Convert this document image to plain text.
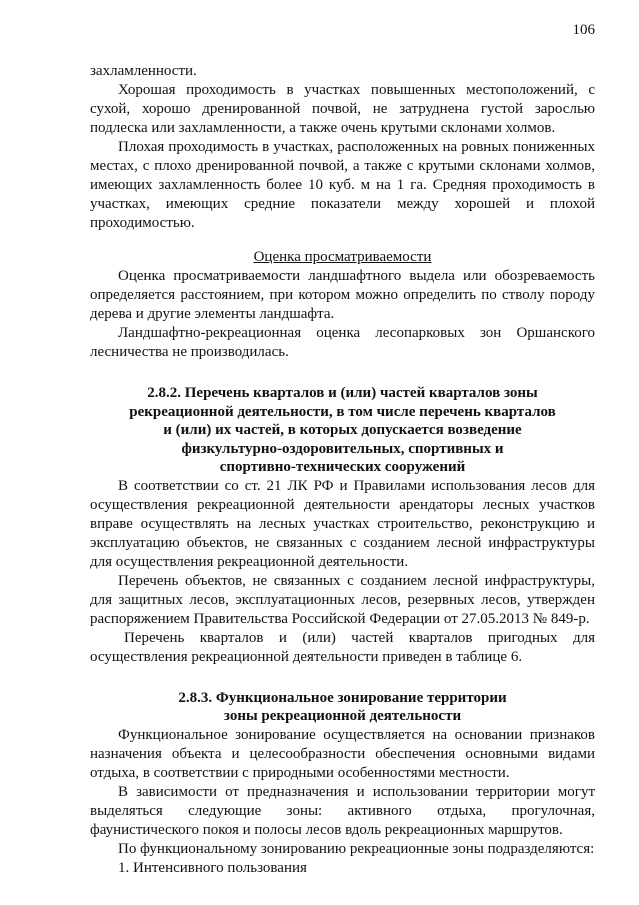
106

захламленности.

Хорошая проходимость в участках повышенных местоположений, с сухой, хорошо дренированной почвой, не затруднена густой зарослью подлеска или захламленности, а также очень крутыми склонами холмов.

Плохая проходимость в участках, расположенных на ровных пониженных местах, с плохо дренированной почвой, а также с крутыми склонами холмов, имеющих захламленность более 10 куб. м на 1 га. Средняя проходимость в участках, имеющих средние показатели между хорошей и плохой проходимостью.

Оценка просматриваемости

Оценка просматриваемости ландшафтного выдела или обозреваемость определяется расстоянием, при котором можно определить по стволу породу дерева и другие элементы ландшафта.

Ландшафтно-рекреационная оценка лесопарковых зон Оршанского лесничества не производилась.

2.8.2. Перечень кварталов и (или) частей кварталов зоны
рекреационной деятельности, в том числе перечень кварталов
и (или) их частей, в которых допускается возведение
физкультурно-оздоровительных, спортивных и
спортивно-технических сооружений

В соответствии со ст. 21 ЛК РФ и Правилами использования лесов для осуществления рекреационной деятельности арендаторы лесных участков вправе осуществлять на лесных участках строительство, реконструкцию и эксплуатацию объектов, не связанных с созданием лесной инфраструктуры для осуществления рекреационной деятельности.

Перечень объектов, не связанных с созданием лесной инфраструктуры, для защитных лесов, эксплуатационных лесов, резервных лесов, утвержден распоряжением Правительства Российской Федерации от 27.05.2013 № 849-р.

Перечень кварталов и (или) частей кварталов пригодных для осуществления рекреационной деятельности приведен в таблице 6.

2.8.3. Функциональное зонирование территории
зоны рекреационной деятельности

Функциональное зонирование осуществляется на основании признаков назначения объекта и целесообразности обеспечения основными видами отдыха, в соответствии с природными особенностями местности.

В зависимости от предназначения и использовании территории могут выделяться следующие зоны: активного отдыха, прогулочная, фаунистического покоя и полосы лесов вдоль рекреационных маршрутов.

По функциональному зонированию рекреационные зоны подразделяются:

1. Интенсивного пользования
